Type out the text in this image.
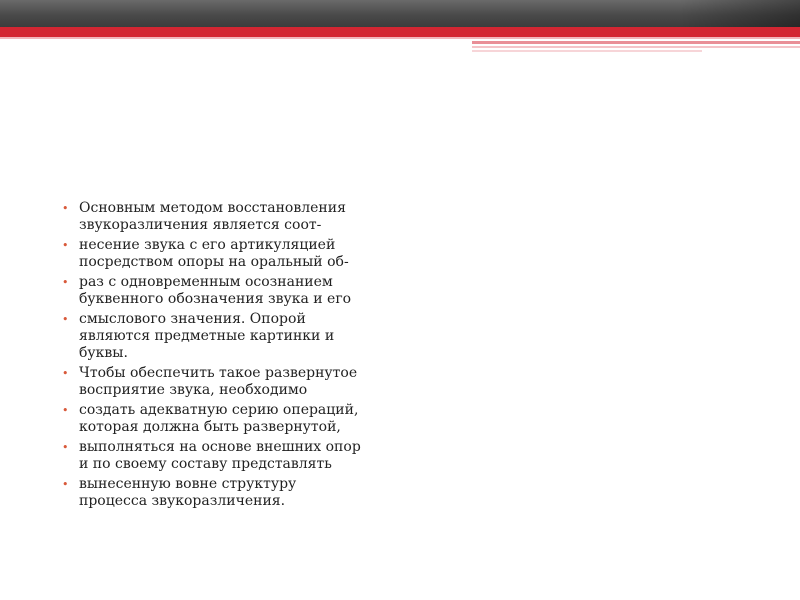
• Основным методом восстановления
звукоразличения является соот-
• несение звука с его артикуляцией
посредством опоры на оральный об-
• раз с одновременным осознанием
буквенного обозначения звука и его
• смыслового значения. Опорой
являются предметные картинки и
буквы.
• Чтобы обеспечить такое развернутое
восприятие звука, необходимо
• создать адекватную серию операций,
которая должна быть развернутой,
• выполняться на основе внешних опор
и по своему составу представлять
• вынесенную вовне структуру
процесса звукоразличения.
